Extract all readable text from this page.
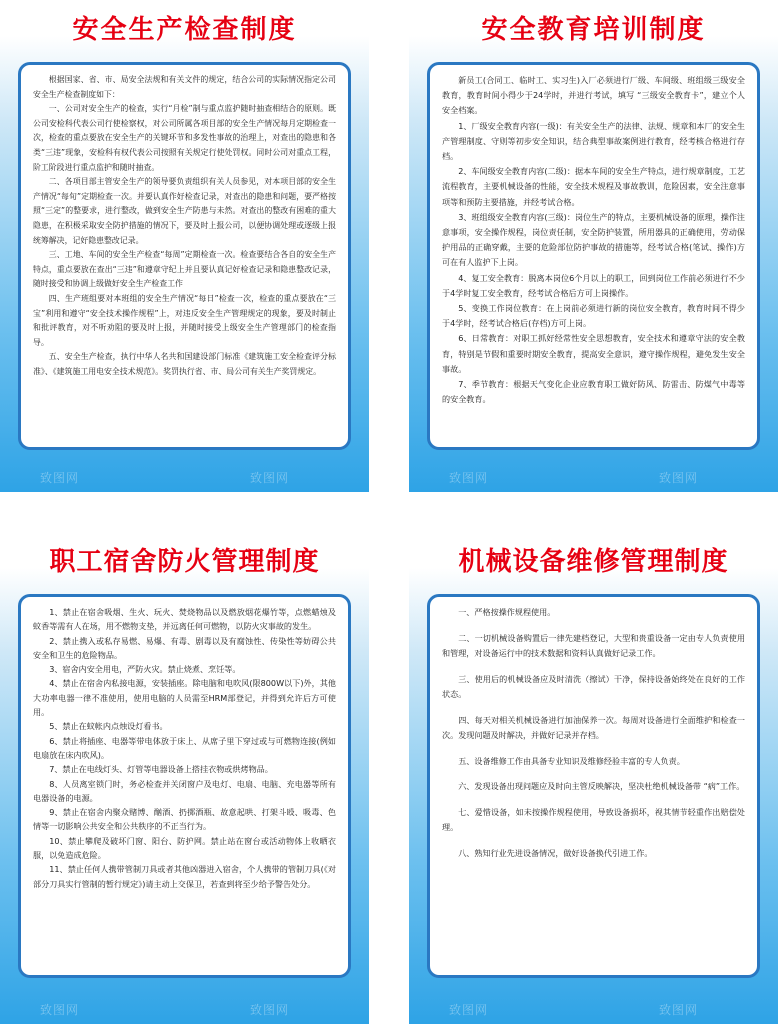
安全生产检查制度

根据国家、省、市、局安全法规和有关文件的规定，结合公司的实际情况指定公司安全生产检查制度如下：

一、公司对安全生产的检查，实行“月检”制与重点监护随时抽查相结合的原则。既公司安检科代表公司行使检察权，对公司所属各项目部的安全生产情况每月定期检查一次，检查的重点要放在安全生产的关键环节和多发性事故的治理上，对查出的隐患和各类“三违”现象，安检科有权代表公司按照有关规定行使处罚权。同时公司对重点工程，阶工阶段进行重点监护和随时抽查。

二、各项目部主管安全生产的领导要负责组织有关人员参见，对本项目部的安全生产情况“每旬”定期检查一次。并要认真作好检查记录，对查出的隐患和问题，要严格按照“三定”的整要求，进行整改，做到安全生产防患与未然。对查出的整改有困难的重大隐患，在积极采取安全防护措施的情况下，要及时上报公司，以便协调处理或逐级上报统筹解决，记好隐患整改记录。

三、工地、车间的安全生产检查“每周”定期检查一次。检查要结合各自的安全生产特点，重点要放在查出“三违”和遵章守纪上并且要认真记好检查记录和隐患整改记录，随时接受和协调上级做好安全生产检查工作

四、生产班组要对本班组的安全生产情况“每日”检查一次，检查的重点要放在“三宝”利用和遵守“安全技术操作规程”上，对违反安全生产管理规定的现象，要及时制止和批评教育，对不听劝阻的要及时上报，并随时接受上级安全生产管理部门的检查指导。

五、安全生产检查，执行中华人名共和国建设部门标准《建筑施工安全检查评分标准》、《建筑施工用电安全技术规范》。奖罚执行省、市、局公司有关生产奖罚规定。

致图网	致图网
安全教育培训制度

新员工(合同工、临时工、实习生)入厂必须进行厂级、车间级、班组级三级安全教育，教育时间小得少于24学时，并进行考试，填写 “三级安全教育卡”，建立个人安全档案。

1、厂级安全教育内容(一级)：有关安全生产的法律、法规、规章和本厂的安全生产管理制度、守则等初步安全知识，结合典型事故案例进行教育，经考核合格进行存档。

2、车间级安全教育内容(二级)：据本车间的安全生产特点，进行规章制度，工艺流程教育，主要机械设备的性能，安全技术规程及事故教训，危险因素，安全注意事项等和预防主要措施，并经考试合格。

3、班组级安全教育内容(三级)：岗位生产的特点，主要机械设备的原理，操作注意事项，安全操作规程，岗位责任制，安全防护装置，所用器具的正确使用，劳动保护用品的正确穿戴，主要的危险部位防护事故的措施等，经考试合格(笔试、操作)方可在有人监护下上岗。

4、复工安全教育：脱离本岗位6个月以上的职工，回到岗位工作前必须进行不少于4学时复工安全教育，经考试合格后方可上岗操作。

5、变换工作岗位教育：在上岗前必须进行新的岗位安全教育，教育时间不得少于4学时，经考试合格后(存档)方可上岗。

6、日常教育：对职工抓好经常性安全思想教育，安全技术和遵章守法的安全教育，特别是节假和重要时期安全教育，提高安全意识，遵守操作规程，避免发生安全事故。

7、季节教育：根据天气变化企业应教育职工做好防风、防雷击、防煤气中毒等的安全教育。

致图网	致图网
职工宿舍防火管理制度

1、禁止在宿舍吸烟、生火、玩火、焚烧物品以及燃放烟花爆竹等，点燃蜡烛及蚊香等需有人在场，用不燃物支垫，并远离任何可燃物，以防火灾事故的发生。

2、禁止携入或私存易燃、易爆、有毒、剧毒以及有腐蚀性、传染性等妨碍公共安全和卫生的危险物品。

3、宿舍内安全用电，严防火灾。禁止烧煮、烹饪等。

4、禁止在宿舍内私接电源，安装插座。除电脑和电吹风(限800W以下)外，其他大功率电器一律不准使用，使用电脑的人员需至HRM部登记，并得到允许后方可使用。

5、禁止在蚊帐内点烛设灯看书。

6、禁止将插座、电器等带电体放于床上、从席子里下穿过或与可燃物连接(例如电扇放在床内吹风)。

7、禁止在电线灯头、灯管等电器设备上搭挂衣物或烘烤物品。

8、人员离室锁门时，务必检查并关闭窗户及电灯、电扇、电脑、充电器等所有电器设备的电源。

9、禁止在宿舍内聚众赌博、酗酒、扔掷酒瓶、故意起哄、打架斗殴、吸毒、色情等一切影响公共安全和公共秩序的不正当行为。

10、禁止攀爬及破坏门窗、阳台、防护网。禁止站在窗台或活动物体上收晒衣服，以免造成危险。

11、禁止任何人携带管制刀具或者其他凶器进入宿舍，个人携带的管制刀具(《对部分刀具实行管制的暂行规定》)请主动上交保卫，若查到将至少给予警告处分。

致图网	致图网
机械设备维修管理制度

一、严格按操作规程使用。

二、一切机械设备购置后一律先建档登记，大型和贵重设备一定由专人负责使用和管理，对设备运行中的技术数据和资料认真做好记录工作。

三、使用后的机械设备应及时清洗（擦试）干净，保持设备始终处在良好的工作状态。

四、每天对相关机械设备进行加油保养一次。每周对设备进行全面维护和检查一次。发现问题及时解决，并做好记录并存档。

五、设备维修工作由具备专业知识及维修经验丰富的专人负责。

六、发现设备出现问题应及时向主管反映解决，坚决杜绝机械设备带 “病”工作。

七、爱惜设备，如未按操作规程使用，导致设备损坏，视其情节轻重作出赔偿处理。

八、熟知行业先进设备情况，做好设备换代引进工作。

致图网	致图网
